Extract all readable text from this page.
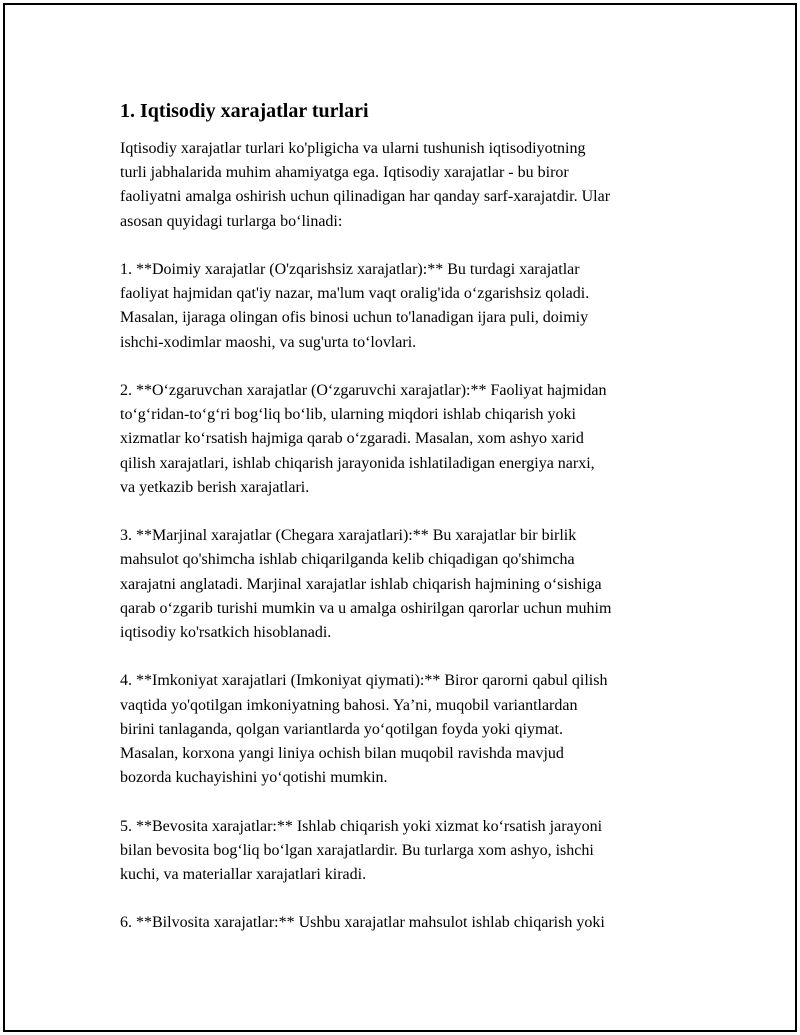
1. Iqtisodiy xarajatlar turlari

Iqtisodiy xarajatlar turlari ko'pligicha va ularni tushunish iqtisodiyotning
turli jabhalarida muhim ahamiyatga ega. Iqtisodiy xarajatlar - bu biror
faoliyatni amalga oshirish uchun qilinadigan har qanday sarf-xarajatdir. Ular
asosan quyidagi turlarga bo‘linadi:

1. **Doimiy xarajatlar (O'zqarishsiz xarajatlar):** Bu turdagi xarajatlar
faoliyat hajmidan qat'iy nazar, ma'lum vaqt oralig'ida o‘zgarishsiz qoladi.
Masalan, ijaraga olingan ofis binosi uchun to'lanadigan ijara puli, doimiy
ishchi-xodimlar maoshi, va sug'urta to‘lovlari.

2. **O‘zgaruvchan xarajatlar (O‘zgaruvchi xarajatlar):** Faoliyat hajmidan
to‘g‘ridan-to‘g‘ri bog‘liq bo‘lib, ularning miqdori ishlab chiqarish yoki
xizmatlar ko‘rsatish hajmiga qarab o‘zgaradi. Masalan, xom ashyo xarid
qilish xarajatlari, ishlab chiqarish jarayonida ishlatiladigan energiya narxi,
va yetkazib berish xarajatlari.

3. **Marjinal xarajatlar (Chegara xarajatlari):** Bu xarajatlar bir birlik
mahsulot qo'shimcha ishlab chiqarilganda kelib chiqadigan qo'shimcha
xarajatni anglatadi. Marjinal xarajatlar ishlab chiqarish hajmining o‘sishiga
qarab o‘zgarib turishi mumkin va u amalga oshirilgan qarorlar uchun muhim
iqtisodiy ko'rsatkich hisoblanadi.

4. **Imkoniyat xarajatlari (Imkoniyat qiymati):** Biror qarorni qabul qilish
vaqtida yo'qotilgan imkoniyatning bahosi. Ya’ni, muqobil variantlardan
birini tanlaganda, qolgan variantlarda yo‘qotilgan foyda yoki qiymat.
Masalan, korxona yangi liniya ochish bilan muqobil ravishda mavjud
bozorda kuchayishini yo‘qotishi mumkin.

5. **Bevosita xarajatlar:** Ishlab chiqarish yoki xizmat ko‘rsatish jarayoni
bilan bevosita bog‘liq bo‘lgan xarajatlardir. Bu turlarga xom ashyo, ishchi
kuchi, va materiallar xarajatlari kiradi.

6. **Bilvosita xarajatlar:** Ushbu xarajatlar mahsulot ishlab chiqarish yoki
